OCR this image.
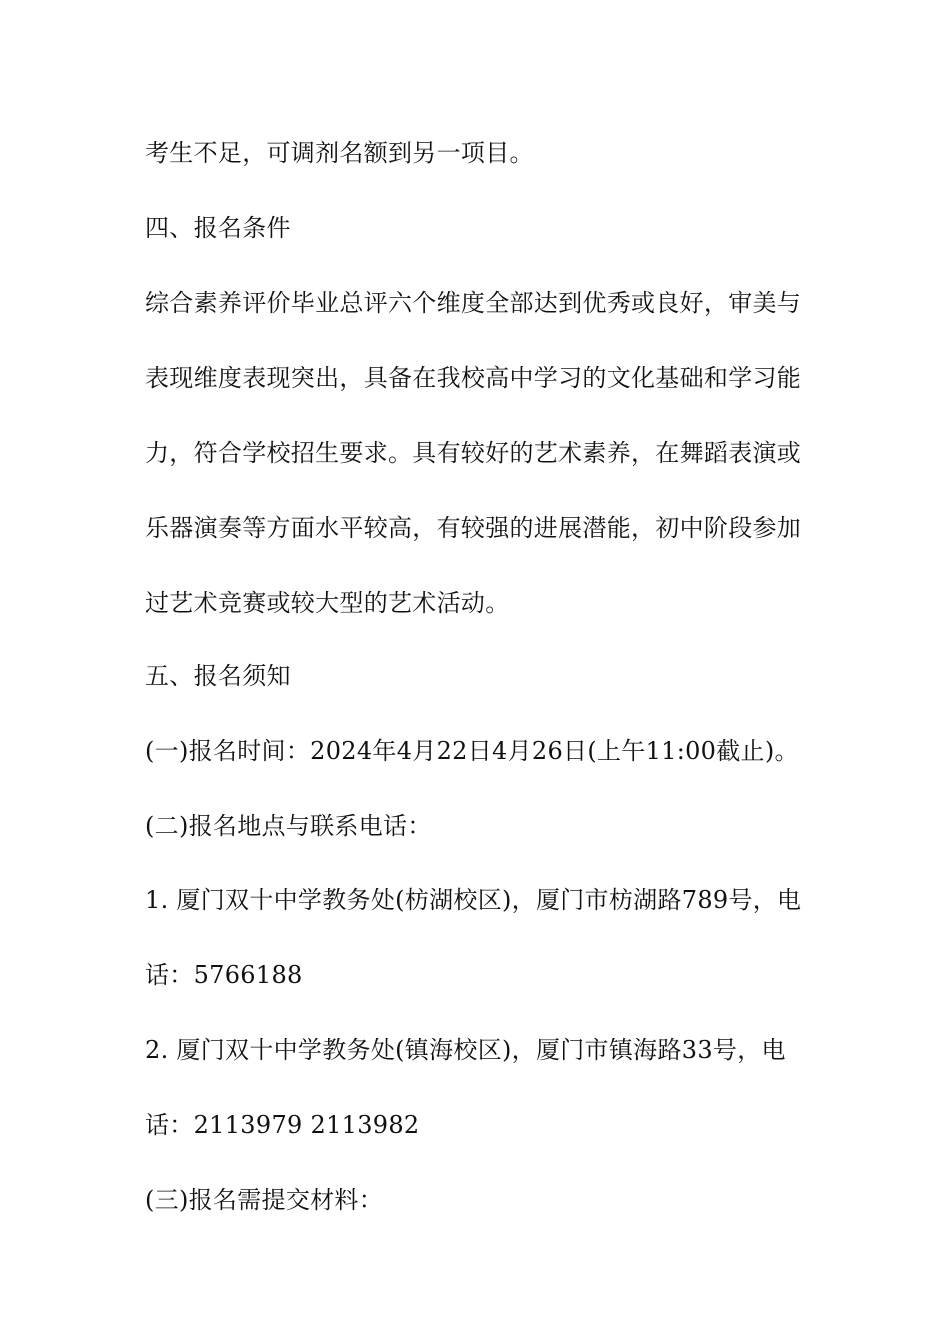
考生不足，可调剂名额到另一项目。
四、报名条件
综合素养评价毕业总评六个维度全部达到优秀或良好，审美与
表现维度表现突出，具备在我校高中学习的文化基础和学习能
力，符合学校招生要求。具有较好的艺术素养，在舞蹈表演或
乐器演奏等方面水平较高，有较强的进展潜能，初中阶段参加
过艺术竞赛或较大型的艺术活动。
五、报名须知
(一)报名时间：2024年4月22日4月26日(上午11:00截止)。
(二)报名地点与联系电话：
1. 厦门双十中学教务处(枋湖校区)，厦门市枋湖路789号，电
话：5766188
2. 厦门双十中学教务处(镇海校区)，厦门市镇海路33号，电
话：2113979 2113982
(三)报名需提交材料：
